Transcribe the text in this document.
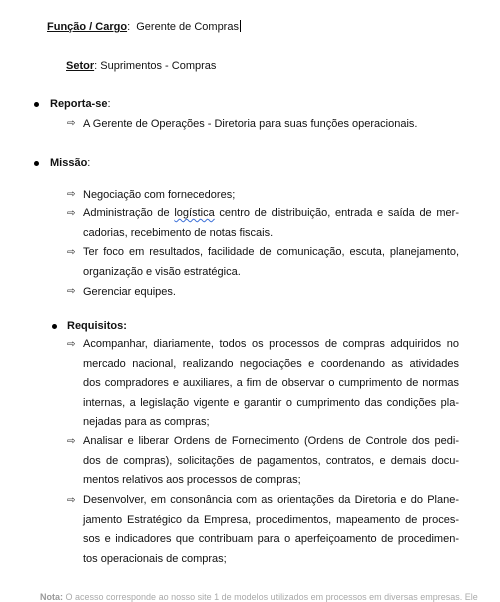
Função / Cargo: Gerente de Compras
Setor: Suprimentos - Compras
Reporta-se:
⇨ A Gerente de Operações - Diretoria para suas funções operacionais.
Missão:
⇨ Negociação com fornecedores;
⇨ Administração de logística centro de distribuição, entrada e saída de mer-
cadorias, recebimento de notas fiscais.
⇨ Ter foco em resultados, facilidade de comunicação, escuta, planejamento,
organização e visão estratégica.
⇨ Gerenciar equipes.
Requisitos:
⇨ Acompanhar, diariamente, todos os processos de compras adquiridos no
mercado nacional, realizando negociações e coordenando as atividades
dos compradores e auxiliares, a fim de observar o cumprimento de normas
internas, a legislação vigente e garantir o cumprimento das condições pla-
nejadas para as compras;
⇨ Analisar e liberar Ordens de Fornecimento (Ordens de Controle dos pedi-
dos de compras), solicitações de pagamentos, contratos, e demais docu-
mentos relativos aos processos de compras;
⇨ Desenvolver, em consonância com as orientações da Diretoria e do Plane-
jamento Estratégico da Empresa, procedimentos, mapeamento de proces-
sos e indicadores que contribuam para o aperfeiçoamento de procedimen-
tos operacionais de compras;
Nota: O acesso corresponde ao nosso site 1 de modelos utilizados em processos em diversas empresas. Ele
